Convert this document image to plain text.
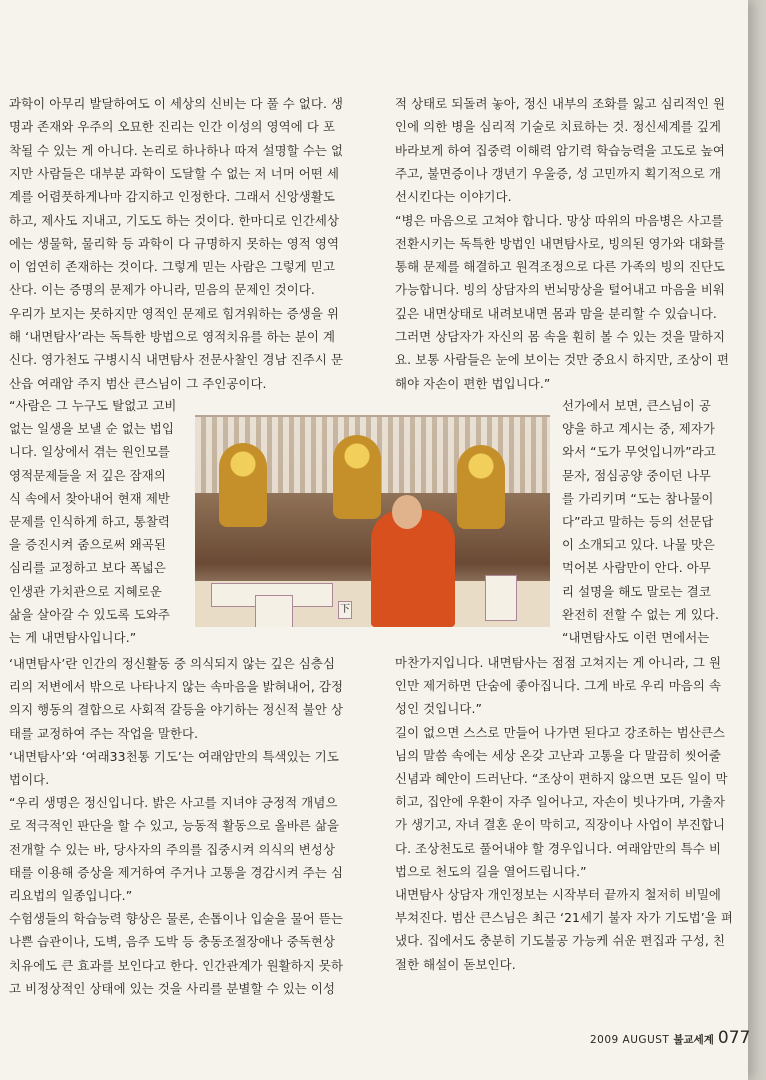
下
과학이 아무리 발달하여도 이 세상의 신비는 다 풀 수 없다. 생
명과 존재와 우주의 오묘한 진리는 인간 이성의 영역에 다 포
착될 수 있는 게 아니다. 논리로 하나하나 따져 설명할 수는 없
지만 사람들은 대부분 과학이 도달할 수 없는 저 너머 어떤 세
계를 어렴풋하게나마 감지하고 인정한다. 그래서 신앙생활도
하고, 제사도 지내고, 기도도 하는 것이다. 한마디로 인간세상
에는 생물학, 물리학 등 과학이 다 규명하지 못하는 영적 영역
이 엄연히 존재하는 것이다. 그렇게 믿는 사람은 그렇게 믿고
산다. 이는 증명의 문제가 아니라, 믿음의 문제인 것이다.
우리가 보지는 못하지만 영적인 문제로 힘겨워하는 증생을 위
해 ‘내면탐사’라는 독특한 방법으로 영적치유를 하는 분이 계
신다. 영가천도 구병시식 내면탐사 전문사찰인 경남 진주시 문
산읍 여래암 주지 범산 큰스님이 그 주인공이다.
“사람은 그 누구도 탈없고 고비
없는 일생을 보낼 순 없는 법입
니다. 일상에서 겪는 원인모를
영적문제들을 저 깊은 잠재의
식 속에서 찾아내어 현재 제반
문제를 인식하게 하고, 통찰력
을 증진시켜 줌으로써 왜곡된
심리를 교정하고 보다 폭넓은
인생관 가치관으로 지혜로운
삶을 살아갈 수 있도록 도와주
는 게 내면탐사입니다.”
‘내면탐사’란 인간의 정신활동 중 의식되지 않는 깊은 심층심
리의 저변에서 밖으로 나타나지 않는 속마음을 밝혀내어, 감정
의지 행동의 결합으로 사회적 갈등을 야기하는 정신적 불안 상
태를 교정하여 주는 작업을 말한다.
‘내면탐사’와 ‘여래33천통 기도’는 여래암만의 특색있는 기도
법이다.
“우리 생명은 정신입니다. 밝은 사고를 지녀야 긍정적 개념으
로 적극적인 판단을 할 수 있고, 능동적 활동으로 올바른 삶을
전개할 수 있는 바, 당사자의 주의를 집중시켜 의식의 변성상
태를 이용해 증상을 제거하여 주거나 고통을 경감시켜 주는 심
리요법의 일종입니다.”
수험생들의 학습능력 향상은 물론, 손톱이나 입술을 물어 뜯는
나쁜 습관이나, 도벽, 음주 도박 등 충동조절장애나 중독현상
치유에도 큰 효과를 보인다고 한다. 인간관계가 원활하지 못하
고 비정상적인 상태에 있는 것을 사리를 분별할 수 있는 이성
적 상태로 되돌려 놓아, 정신 내부의 조화를 잃고 심리적인 원
인에 의한 병을 심리적 기술로 치료하는 것. 정신세계를 깊게
바라보게 하여 집중력 이해력 암기력 학습능력을 고도로 높여
주고, 불면증이나 갱년기 우울증, 성 고민까지 획기적으로 개
선시킨다는 이야기다.
“병은 마음으로 고쳐야 합니다. 망상 따위의 마음병은 사고를
전환시키는 독특한 방법인 내면탐사로, 빙의된 영가와 대화를
통해 문제를 해결하고 원격조정으로 다른 가족의 빙의 진단도
가능합니다. 빙의 상담자의 번뇌망상을 털어내고 마음을 비워
깊은 내면상태로 내려보내면 몸과 맘을 분리할 수 있습니다.
그러면 상담자가 자신의 몸 속을 훤히 볼 수 있는 것을 말하지
요. 보통 사람들은 눈에 보이는 것만 중요시 하지만, 조상이 편
해야 자손이 편한 법입니다.”
선가에서 보면, 큰스님이 공
양을 하고 계시는 중, 제자가
와서 “도가 무엇입니까”라고
묻자, 점심공양 중이던 나무
를 가리키며 “도는 참나물이
다”라고 말하는 등의 선문답
이 소개되고 있다. 나물 맛은
먹어본 사람만이 안다. 아무
리 설명을 해도 말로는 결코
완전히 전할 수 없는 게 있다.
“내면탐사도 이런 면에서는
마찬가지입니다. 내면탐사는 점점 고쳐지는 게 아니라, 그 원
인만 제거하면 단숨에 좋아집니다. 그게 바로 우리 마음의 속
성인 것입니다.”
길이 없으면 스스로 만들어 나가면 된다고 강조하는 범산큰스
님의 말씀 속에는 세상 온갖 고난과 고통을 다 말끔히 씻어줄
신념과 혜안이 드러난다. “조상이 편하지 않으면 모든 일이 막
히고, 집안에 우환이 자주 일어나고, 자손이 빗나가며, 가출자
가 생기고, 자녀 결혼 운이 막히고, 직장이나 사업이 부진합니
다. 조상천도로 풀어내야 할 경우입니다. 여래암만의 특수 비
법으로 천도의 길을 열어드립니다.”
내면탐사 상담자 개인정보는 시작부터 끝까지 철저히 비밀에
부쳐진다. 범산 큰스님은 최근 ‘21세기 불자 자가 기도법’을 펴
냈다. 집에서도 충분히 기도불공 가능케 쉬운 편집과 구성, 친
절한 해설이 돋보인다.
2009 AUGUST 불교세계 077
